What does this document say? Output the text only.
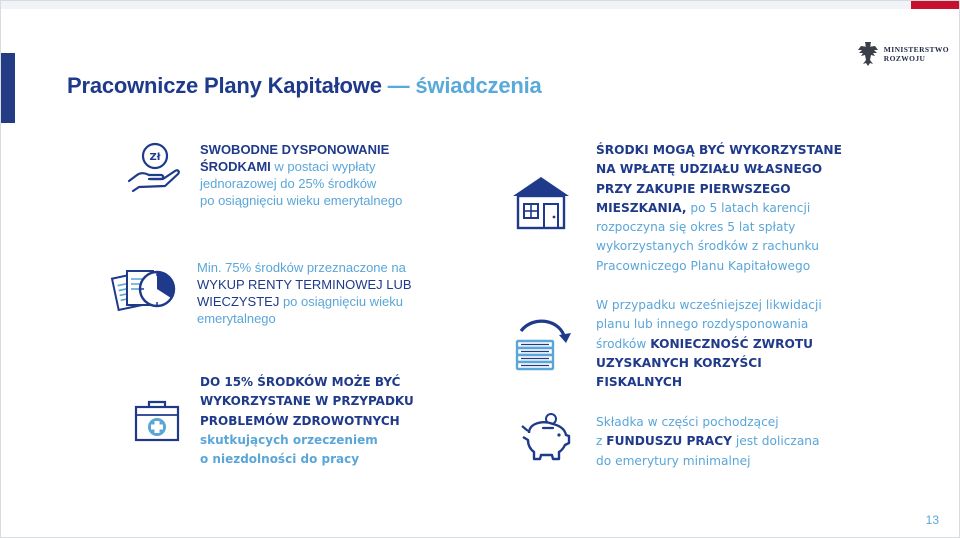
Pracownicze Plany Kapitałowe — świadczenia
MINISTERSTWO
ROZWOJU
Zł
SWOBODNE DYSPONOWANIE
ŚRODKAMI w postaci wypłaty
jednorazowej do 25% środków
po osiągnięciu wieku emerytalnego
Min. 75% środków przeznaczone na
WYKUP RENTY TERMINOWEJ LUB
WIECZYSTEJ po osiągnięciu wieku
emerytalnego
DO 15% ŚRODKÓW MOŻE BYĆ
WYKORZYSTANE W PRZYPADKU
PROBLEMÓW ZDROWOTNYCH
skutkujących orzeczeniem
o niezdolności do pracy
ŚRODKI MOGĄ BYĆ WYKORZYSTANE
NA WPŁATĘ UDZIAŁU WŁASNEGO
PRZY ZAKUPIE PIERWSZEGO
MIESZKANIA, po 5 latach karencji
rozpoczyna się okres 5 lat spłaty
wykorzystanych środków z rachunku
Pracowniczego Planu Kapitałowego
W przypadku wcześniejszej likwidacji
planu lub innego rozdysponowania
środków KONIECZNOŚĆ ZWROTU
UZYSKANYCH KORZYŚCI
FISKALNYCH
Składka w części pochodzącej
z FUNDUSZU PRACY jest doliczana
do emerytury minimalnej
13
